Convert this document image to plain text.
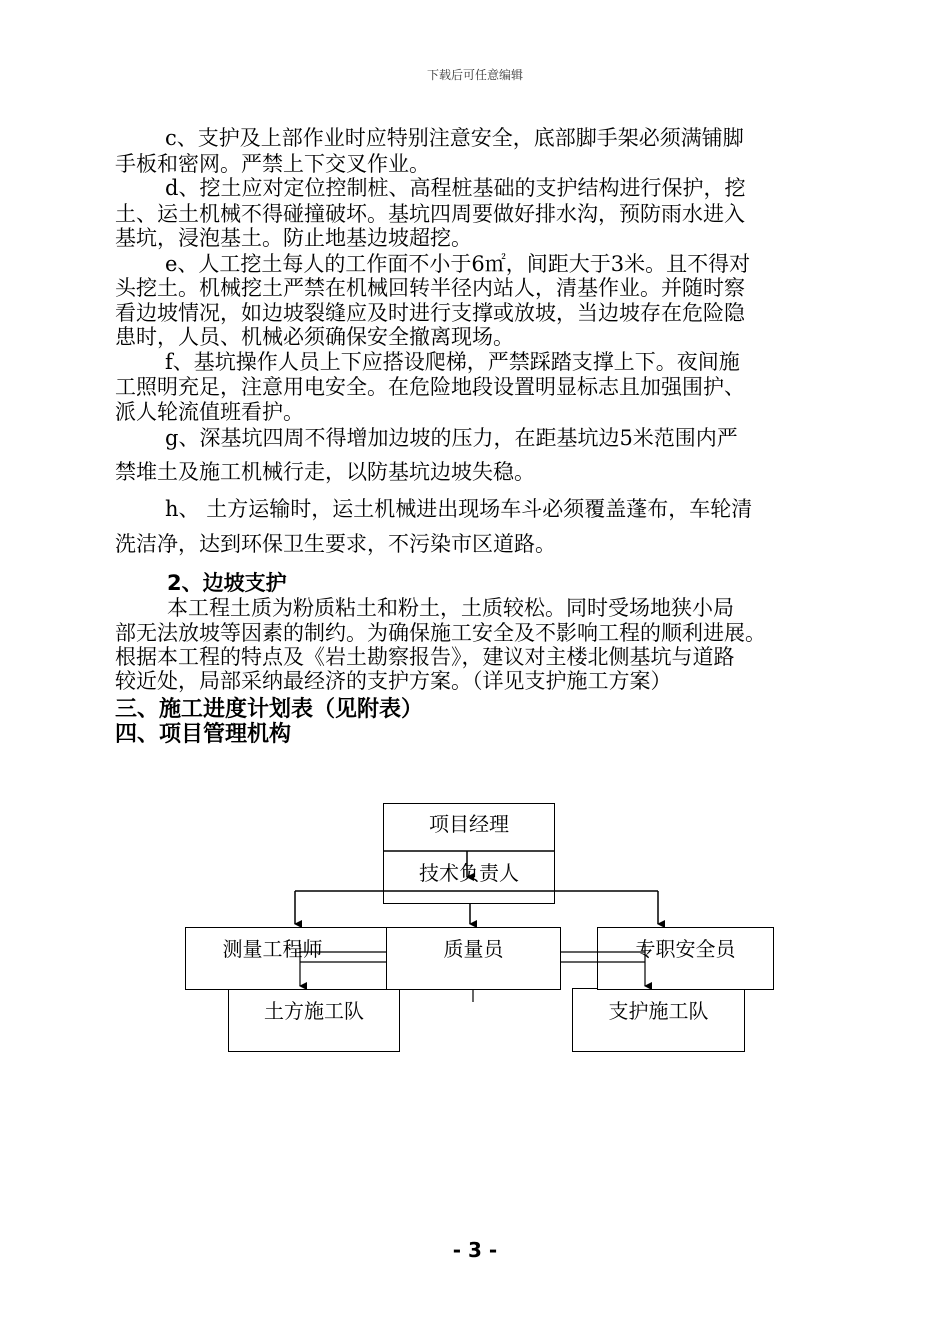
下载后可任意编辑
c、支护及上部作业时应特别注意安全，底部脚手架必须满铺脚
手板和密网。严禁上下交叉作业。
d、挖土应对定位控制桩、高程桩基础的支护结构进行保护，挖
土、运土机械不得碰撞破坏。基坑四周要做好排水沟，预防雨水进入
基坑，浸泡基土。防止地基边坡超挖。
e、人工挖土每人的工作面不小于6㎡，间距大于3米。且不得对
头挖土。机械挖土严禁在机械回转半径内站人，清基作业。并随时察
看边坡情况，如边坡裂缝应及时进行支撑或放坡，当边坡存在危险隐
患时，人员、机械必须确保安全撤离现场。
f、基坑操作人员上下应搭设爬梯，严禁踩踏支撑上下。夜间施
工照明充足，注意用电安全。在危险地段设置明显标志且加强围护、
派人轮流值班看护。
g、深基坑四周不得增加边坡的压力，在距基坑边5米范围内严
禁堆土及施工机械行走，以防基坑边坡失稳。
h、 土方运输时，运土机械进出现场车斗必须覆盖蓬布，车轮清
洗洁净，达到环保卫生要求，不污染市区道路。
2、边坡支护
本工程土质为粉质粘土和粉土，土质较松。同时受场地狭小局
部无法放坡等因素的制约。为确保施工安全及不影响工程的顺利进展。
根据本工程的特点及《岩土勘察报告》，建议对主楼北侧基坑与道路
较近处，局部采纳最经济的支护方案。（详见支护施工方案）
三、施工进度计划表（见附表）
四、项目管理机构
项目经理
技术负责人
测量工程师	质量员	专职安全员
土方施工队	支护施工队
- 3 -
